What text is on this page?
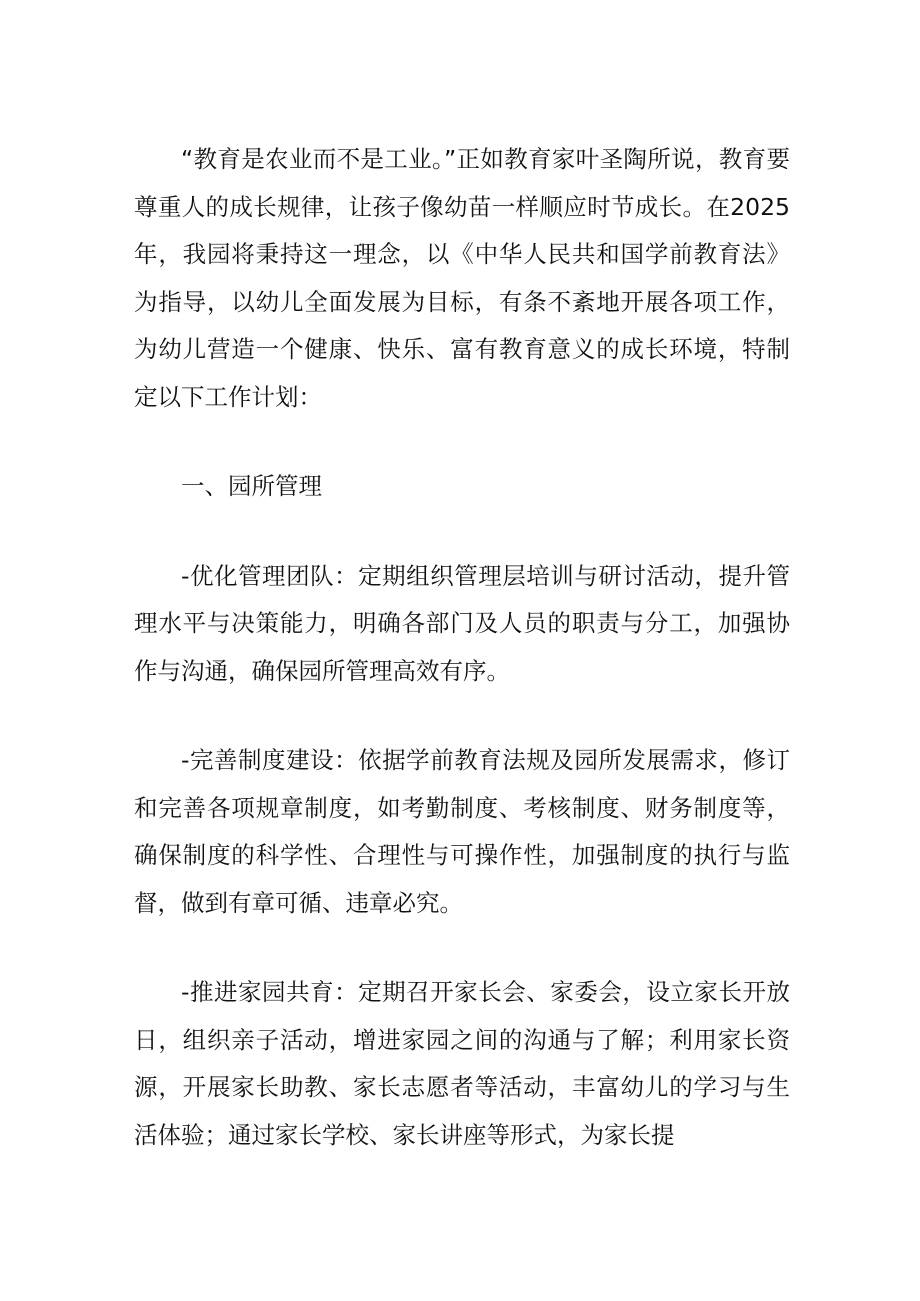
“教育是农业而不是工业。”正如教育家叶圣陶所说，教育要尊重人的成长规律，让孩子像幼苗一样顺应时节成长。在2025年，我园将秉持这一理念，以《中华人民共和国学前教育法》为指导，以幼儿全面发展为目标，有条不紊地开展各项工作，为幼儿营造一个健康、快乐、富有教育意义的成长环境，特制定以下工作计划：

一、园所管理

-优化管理团队：定期组织管理层培训与研讨活动，提升管理水平与决策能力，明确各部门及人员的职责与分工，加强协作与沟通，确保园所管理高效有序。

-完善制度建设：依据学前教育法规及园所发展需求，修订和完善各项规章制度，如考勤制度、考核制度、财务制度等，确保制度的科学性、合理性与可操作性，加强制度的执行与监督，做到有章可循、违章必究。

-推进家园共育：定期召开家长会、家委会，设立家长开放日，组织亲子活动，增进家园之间的沟通与了解；利用家长资源，开展家长助教、家长志愿者等活动，丰富幼儿的学习与生活体验；通过家长学校、家长讲座等形式，为家长提
